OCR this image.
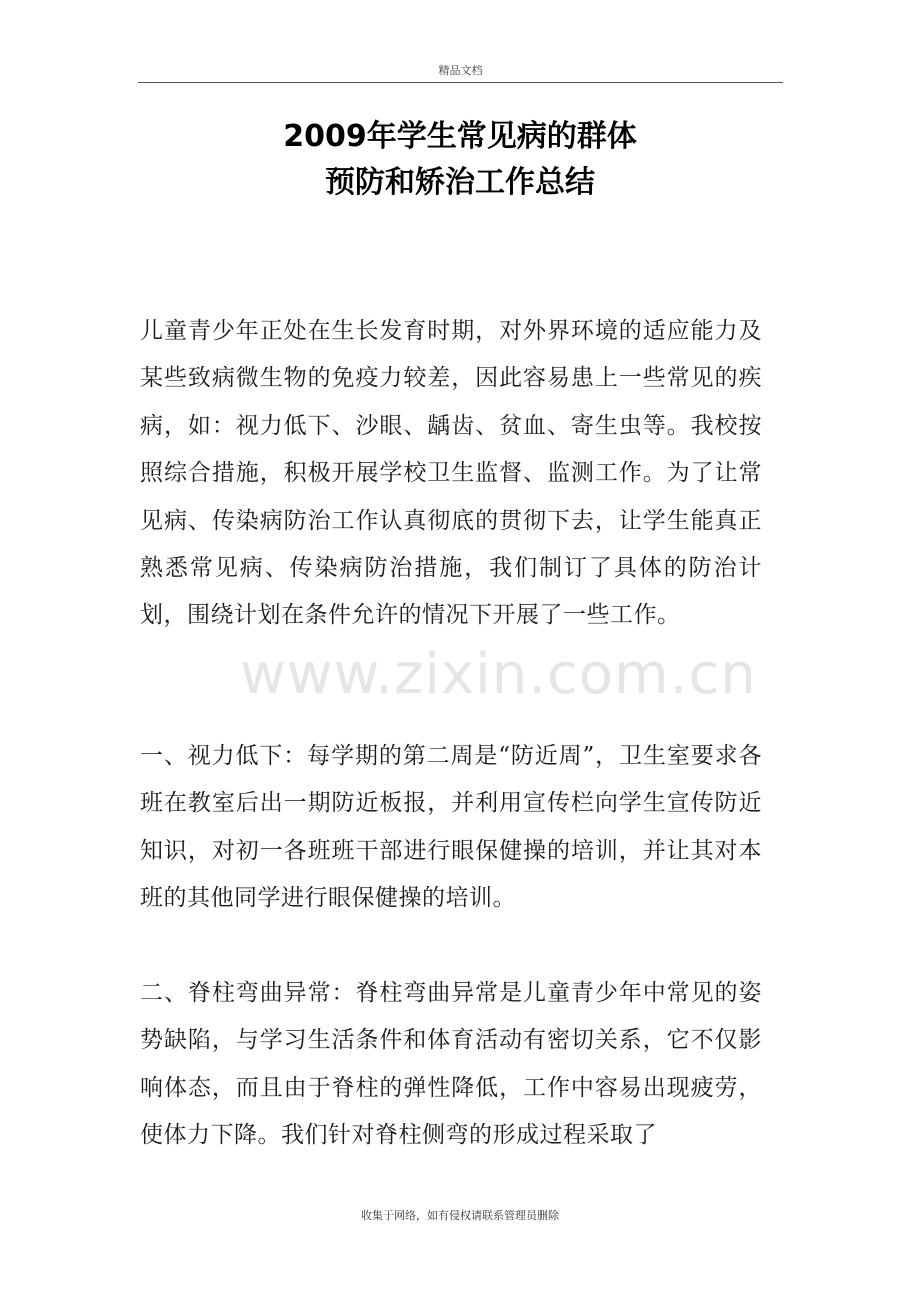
精品文档
2009年学生常见病的群体
预防和矫治工作总结

儿童青少年正处在生长发育时期，对外界环境的适应能力及某些致病微生物的免疫力较差，因此容易患上一些常见的疾病，如：视力低下、沙眼、龋齿、贫血、寄生虫等。我校按照综合措施，积极开展学校卫生监督、监测工作。为了让常见病、传染病防治工作认真彻底的贯彻下去，让学生能真正熟悉常见病、传染病防治措施，我们制订了具体的防治计划，围绕计划在条件允许的情况下开展了一些工作。

一、视力低下：每学期的第二周是“防近周”，卫生室要求各班在教室后出一期防近板报，并利用宣传栏向学生宣传防近知识，对初一各班班干部进行眼保健操的培训，并让其对本班的其他同学进行眼保健操的培训。

二、脊柱弯曲异常：脊柱弯曲异常是儿童青少年中常见的姿势缺陷，与学习生活条件和体育活动有密切关系，它不仅影响体态，而且由于脊柱的弹性降低，工作中容易出现疲劳，使体力下降。我们针对脊柱侧弯的形成过程采取了

www.zixin.com.cn
收集于网络，如有侵权请联系管理员删除
